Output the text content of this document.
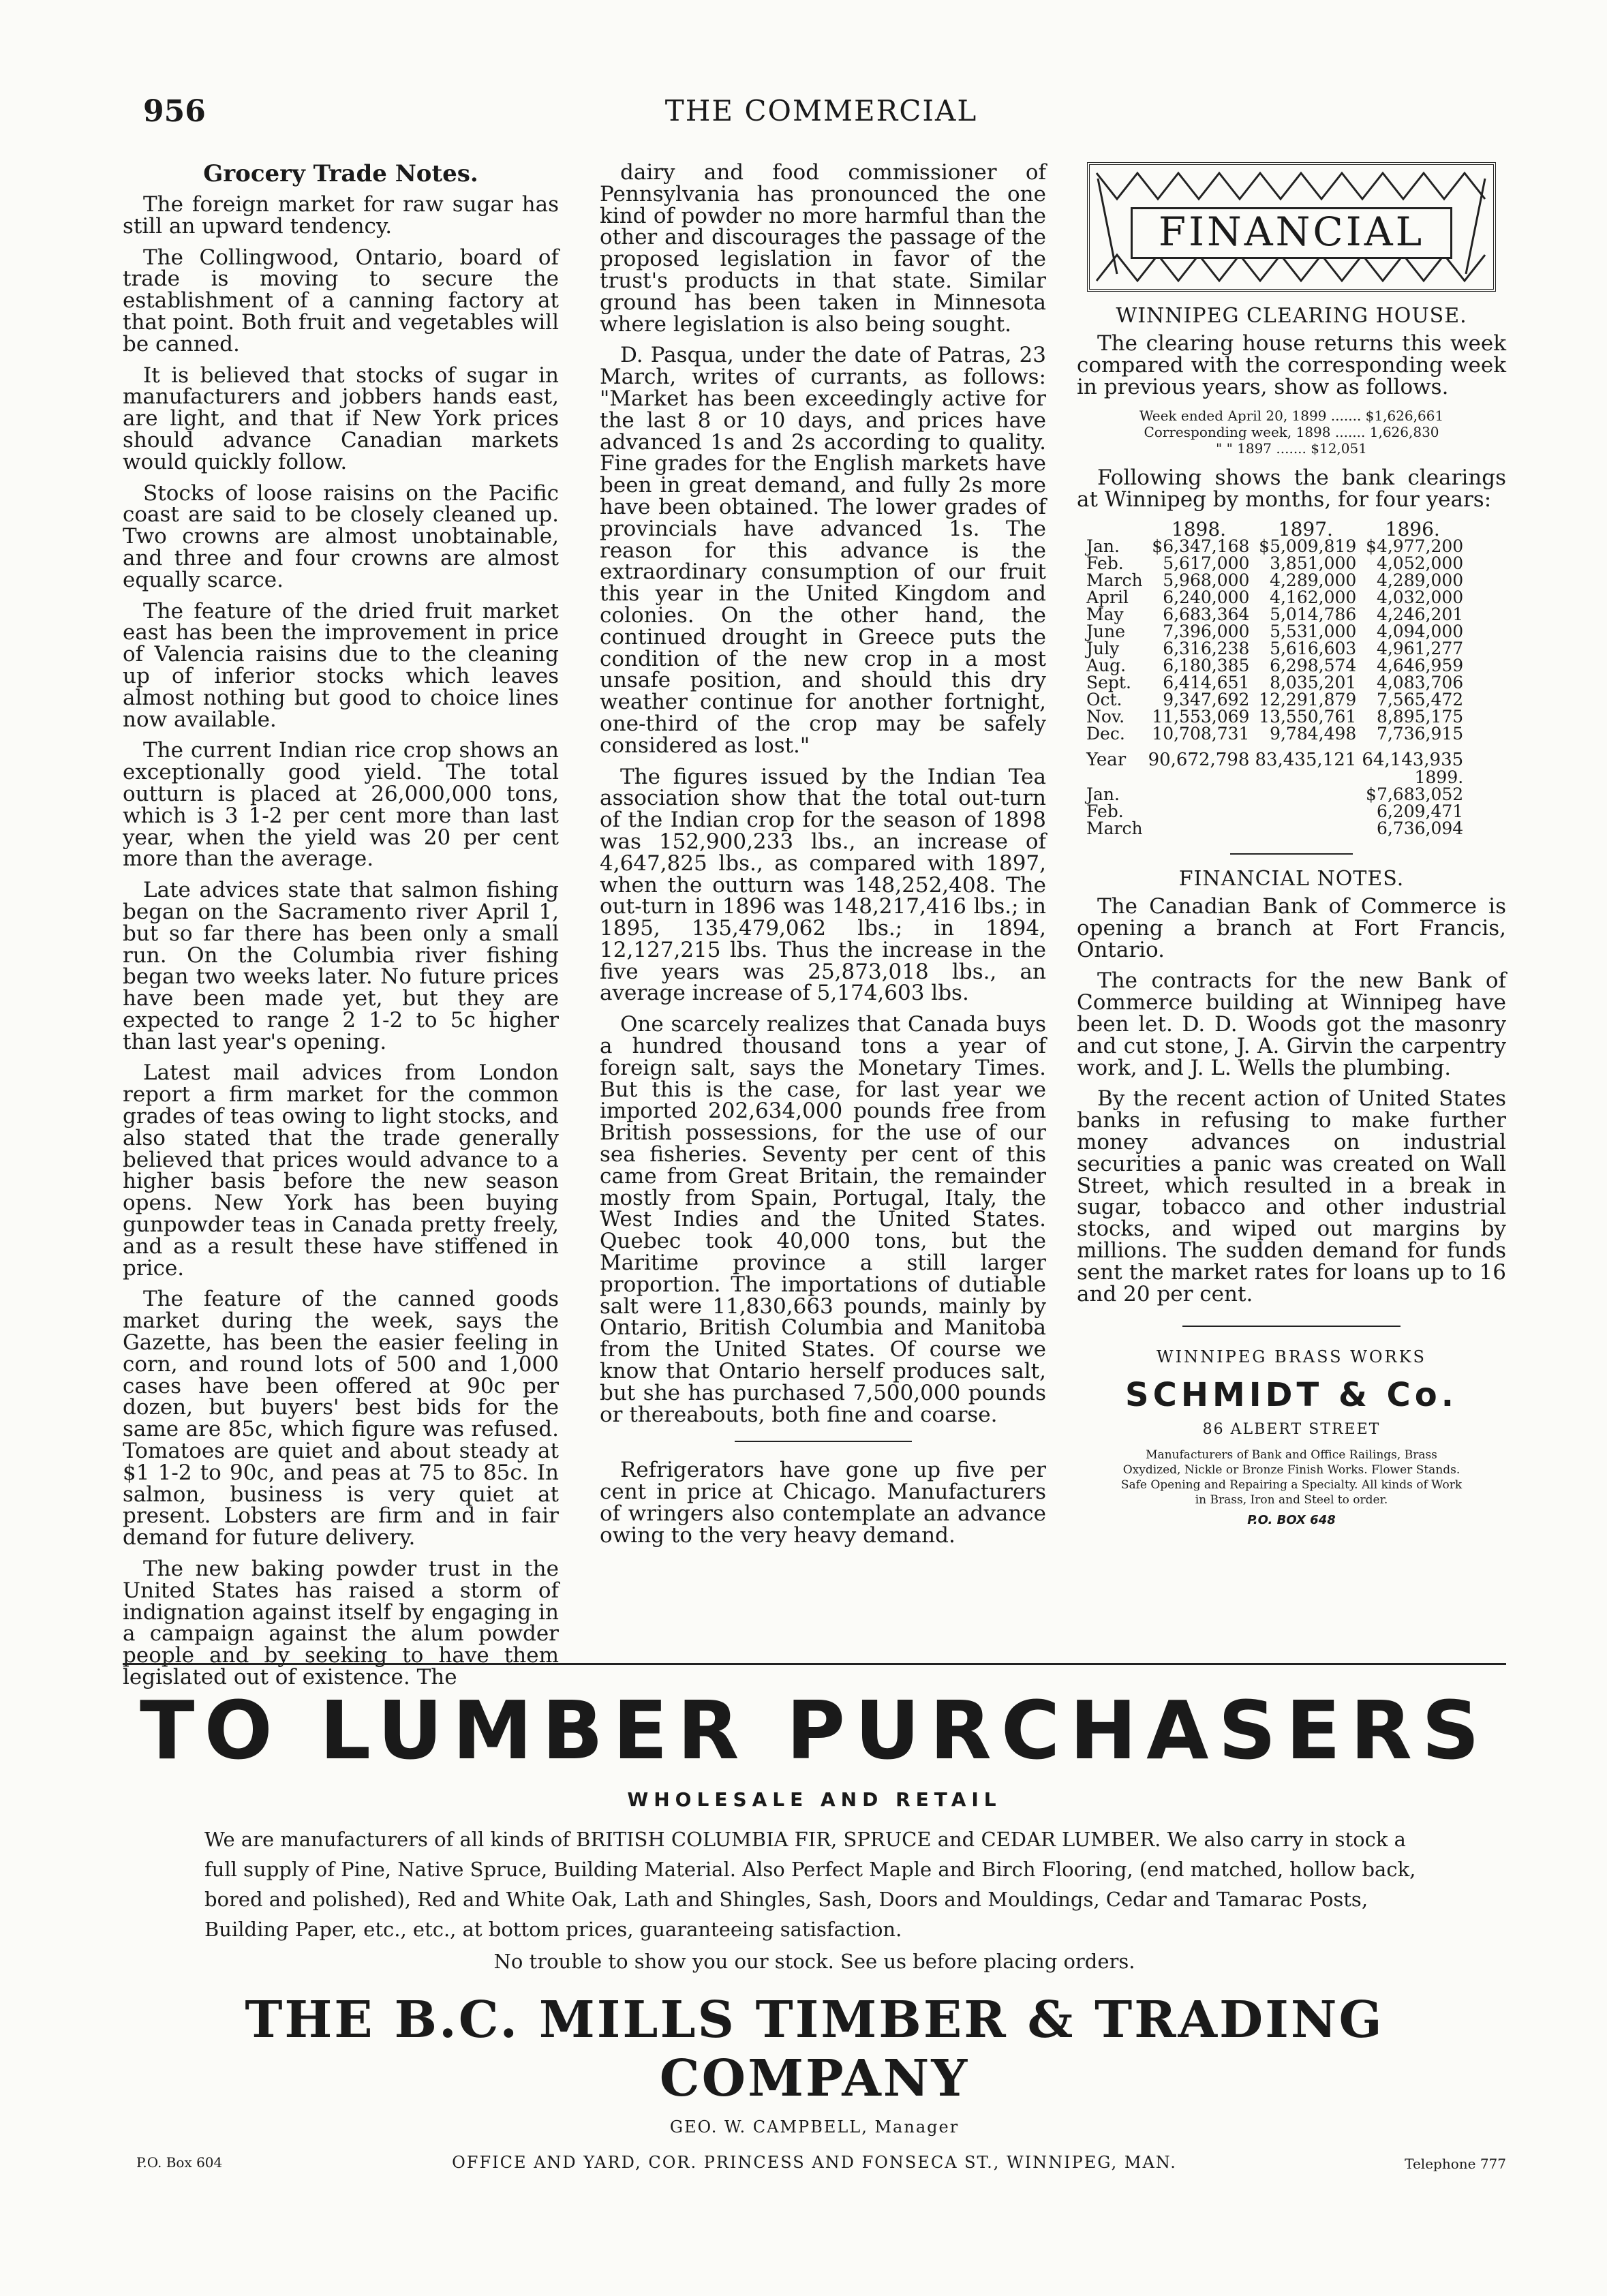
956	THE COMMERCIAL
Grocery Trade Notes.

The foreign market for raw sugar has still an upward tendency.

The Collingwood, Ontario, board of trade is moving to secure the establishment of a canning factory at that point. Both fruit and vegetables will be canned.

It is believed that stocks of sugar in manufacturers and jobbers hands east, are light, and that if New York prices should advance Canadian markets would quickly follow.

Stocks of loose raisins on the Pacific coast are said to be closely cleaned up. Two crowns are almost unobtainable, and three and four crowns are almost equally scarce.

The feature of the dried fruit market east has been the improvement in price of Valencia raisins due to the cleaning up of inferior stocks which leaves almost nothing but good to choice lines now available.

The current Indian rice crop shows an exceptionally good yield. The total outturn is placed at 26,000,000 tons, which is 3 1-2 per cent more than last year, when the yield was 20 per cent more than the average.

Late advices state that salmon fishing began on the Sacramento river April 1, but so far there has been only a small run. On the Columbia river fishing began two weeks later. No future prices have been made yet, but they are expected to range 2 1-2 to 5c higher than last year's opening.

Latest mail advices from London report a firm market for the common grades of teas owing to light stocks, and also stated that the trade generally believed that prices would advance to a higher basis before the new season opens. New York has been buying gunpowder teas in Canada pretty freely, and as a result these have stiffened in price.

The feature of the canned goods market during the week, says the Gazette, has been the easier feeling in corn, and round lots of 500 and 1,000 cases have been offered at 90c per dozen, but buyers' best bids for the same are 85c, which figure was refused. Tomatoes are quiet and about steady at $1 1-2 to 90c, and peas at 75 to 85c. In salmon, business is very quiet at present. Lobsters are firm and in fair demand for future delivery.

The new baking powder trust in the United States has raised a storm of indignation against itself by engaging in a campaign against the alum powder people and by seeking to have them legislated out of existence. The

dairy and food commissioner of Pennsylvania has pronounced the one kind of powder no more harmful than the other and discourages the passage of the proposed legislation in favor of the trust's products in that state. Similar ground has been taken in Minnesota where legislation is also being sought.

D. Pasqua, under the date of Patras, 23 March, writes of currants, as follows: "Market has been exceedingly active for the last 8 or 10 days, and prices have advanced 1s and 2s according to quality. Fine grades for the English markets have been in great demand, and fully 2s more have been obtained. The lower grades of provincials have advanced 1s. The reason for this advance is the extraordinary consumption of our fruit this year in the United Kingdom and colonies. On the other hand, the continued drought in Greece puts the condition of the new crop in a most unsafe position, and should this dry weather continue for another fortnight, one-third of the crop may be safely considered as lost."

The figures issued by the Indian Tea association show that the total out-turn of the Indian crop for the season of 1898 was 152,900,233 lbs., an increase of 4,647,825 lbs., as compared with 1897, when the outturn was 148,252,408. The out-turn in 1896 was 148,217,416 lbs.; in 1895, 135,479,062 lbs.; in 1894, 12,127,215 lbs. Thus the increase in the five years was 25,873,018 lbs., an average increase of 5,174,603 lbs.

One scarcely realizes that Canada buys a hundred thousand tons a year of foreign salt, says the Monetary Times. But this is the case, for last year we imported 202,634,000 pounds free from British possessions, for the use of our sea fisheries. Seventy per cent of this came from Great Britain, the remainder mostly from Spain, Portugal, Italy, the West Indies and the United States. Quebec took 40,000 tons, but the Maritime province a still larger proportion. The importations of dutiable salt were 11,830,663 pounds, mainly by Ontario, British Columbia and Manitoba from the United States. Of course we know that Ontario herself produces salt, but she has purchased 7,500,000 pounds or thereabouts, both fine and coarse.

Refrigerators have gone up five per cent in price at Chicago. Manufacturers of wringers also contemplate an advance owing to the very heavy demand.

FINANCIAL
WINNIPEG CLEARING HOUSE.

The clearing house returns this week compared with the corresponding week in previous years, show as follows.

Week ended April 20, 1899 ....... $1,626,661
Corresponding week, 1898 ....... 1,626,830
" " 1897 ....... $12,051

Following shows the bank clearings at Winnipeg by months, for four years:

	1898.	1897.	1896.
Jan.	$6,347,168	$5,009,819	$4,977,200
Feb.	5,617,000	3,851,000	4,052,000
March	5,968,000	4,289,000	4,289,000
April	6,240,000	4,162,000	4,032,000
May	6,683,364	5,014,786	4,246,201
June	7,396,000	5,531,000	4,094,000
July	6,316,238	5,616,603	4,961,277
Aug.	6,180,385	6,298,574	4,646,959
Sept.	6,414,651	8,035,201	4,083,706
Oct.	9,347,692	12,291,879	7,565,472
Nov.	11,553,069	13,550,761	8,895,175
Dec.	10,708,731	9,784,498	7,736,915
Year	90,672,798	83,435,121	64,143,935
			1899.
Jan.			$7,683,052
Feb.			6,209,471
March			6,736,094
FINANCIAL NOTES.

The Canadian Bank of Commerce is opening a branch at Fort Francis, Ontario.

The contracts for the new Bank of Commerce building at Winnipeg have been let. D. D. Woods got the masonry and cut stone, J. A. Girvin the carpentry work, and J. L. Wells the plumbing.

By the recent action of United States banks in refusing to make further money advances on industrial securities a panic was created on Wall Street, which resulted in a break in sugar, tobacco and other industrial stocks, and wiped out margins by millions. The sudden demand for funds sent the market rates for loans up to 16 and 20 per cent.

WINNIPEG BRASS WORKS
SCHMIDT & Co.
86 ALBERT STREET
Manufacturers of Bank and Office Railings, Brass Oxydized, Nickle or Bronze Finish Works. Flower Stands. Safe Opening and Repairing a Specialty. All kinds of Work in Brass, Iron and Steel to order.
P.O. BOX 648
TO LUMBER PURCHASERS
WHOLESALE AND RETAIL

We are manufacturers of all kinds of BRITISH COLUMBIA FIR, SPRUCE and CEDAR LUMBER. We also carry in stock a full supply of Pine, Native Spruce, Building Material. Also Perfect Maple and Birch Flooring, (end matched, hollow back, bored and polished), Red and White Oak, Lath and Shingles, Sash, Doors and Mouldings, Cedar and Tamarac Posts, Building Paper, etc., etc., at bottom prices, guaranteeing satisfaction.

No trouble to show you our stock. See us before placing orders.

THE B.C. MILLS TIMBER & TRADING COMPANY
GEO. W. CAMPBELL, Manager
P.O. Box 604	OFFICE AND YARD, COR. PRINCESS AND FONSECA ST., WINNIPEG, MAN.	Telephone 777
